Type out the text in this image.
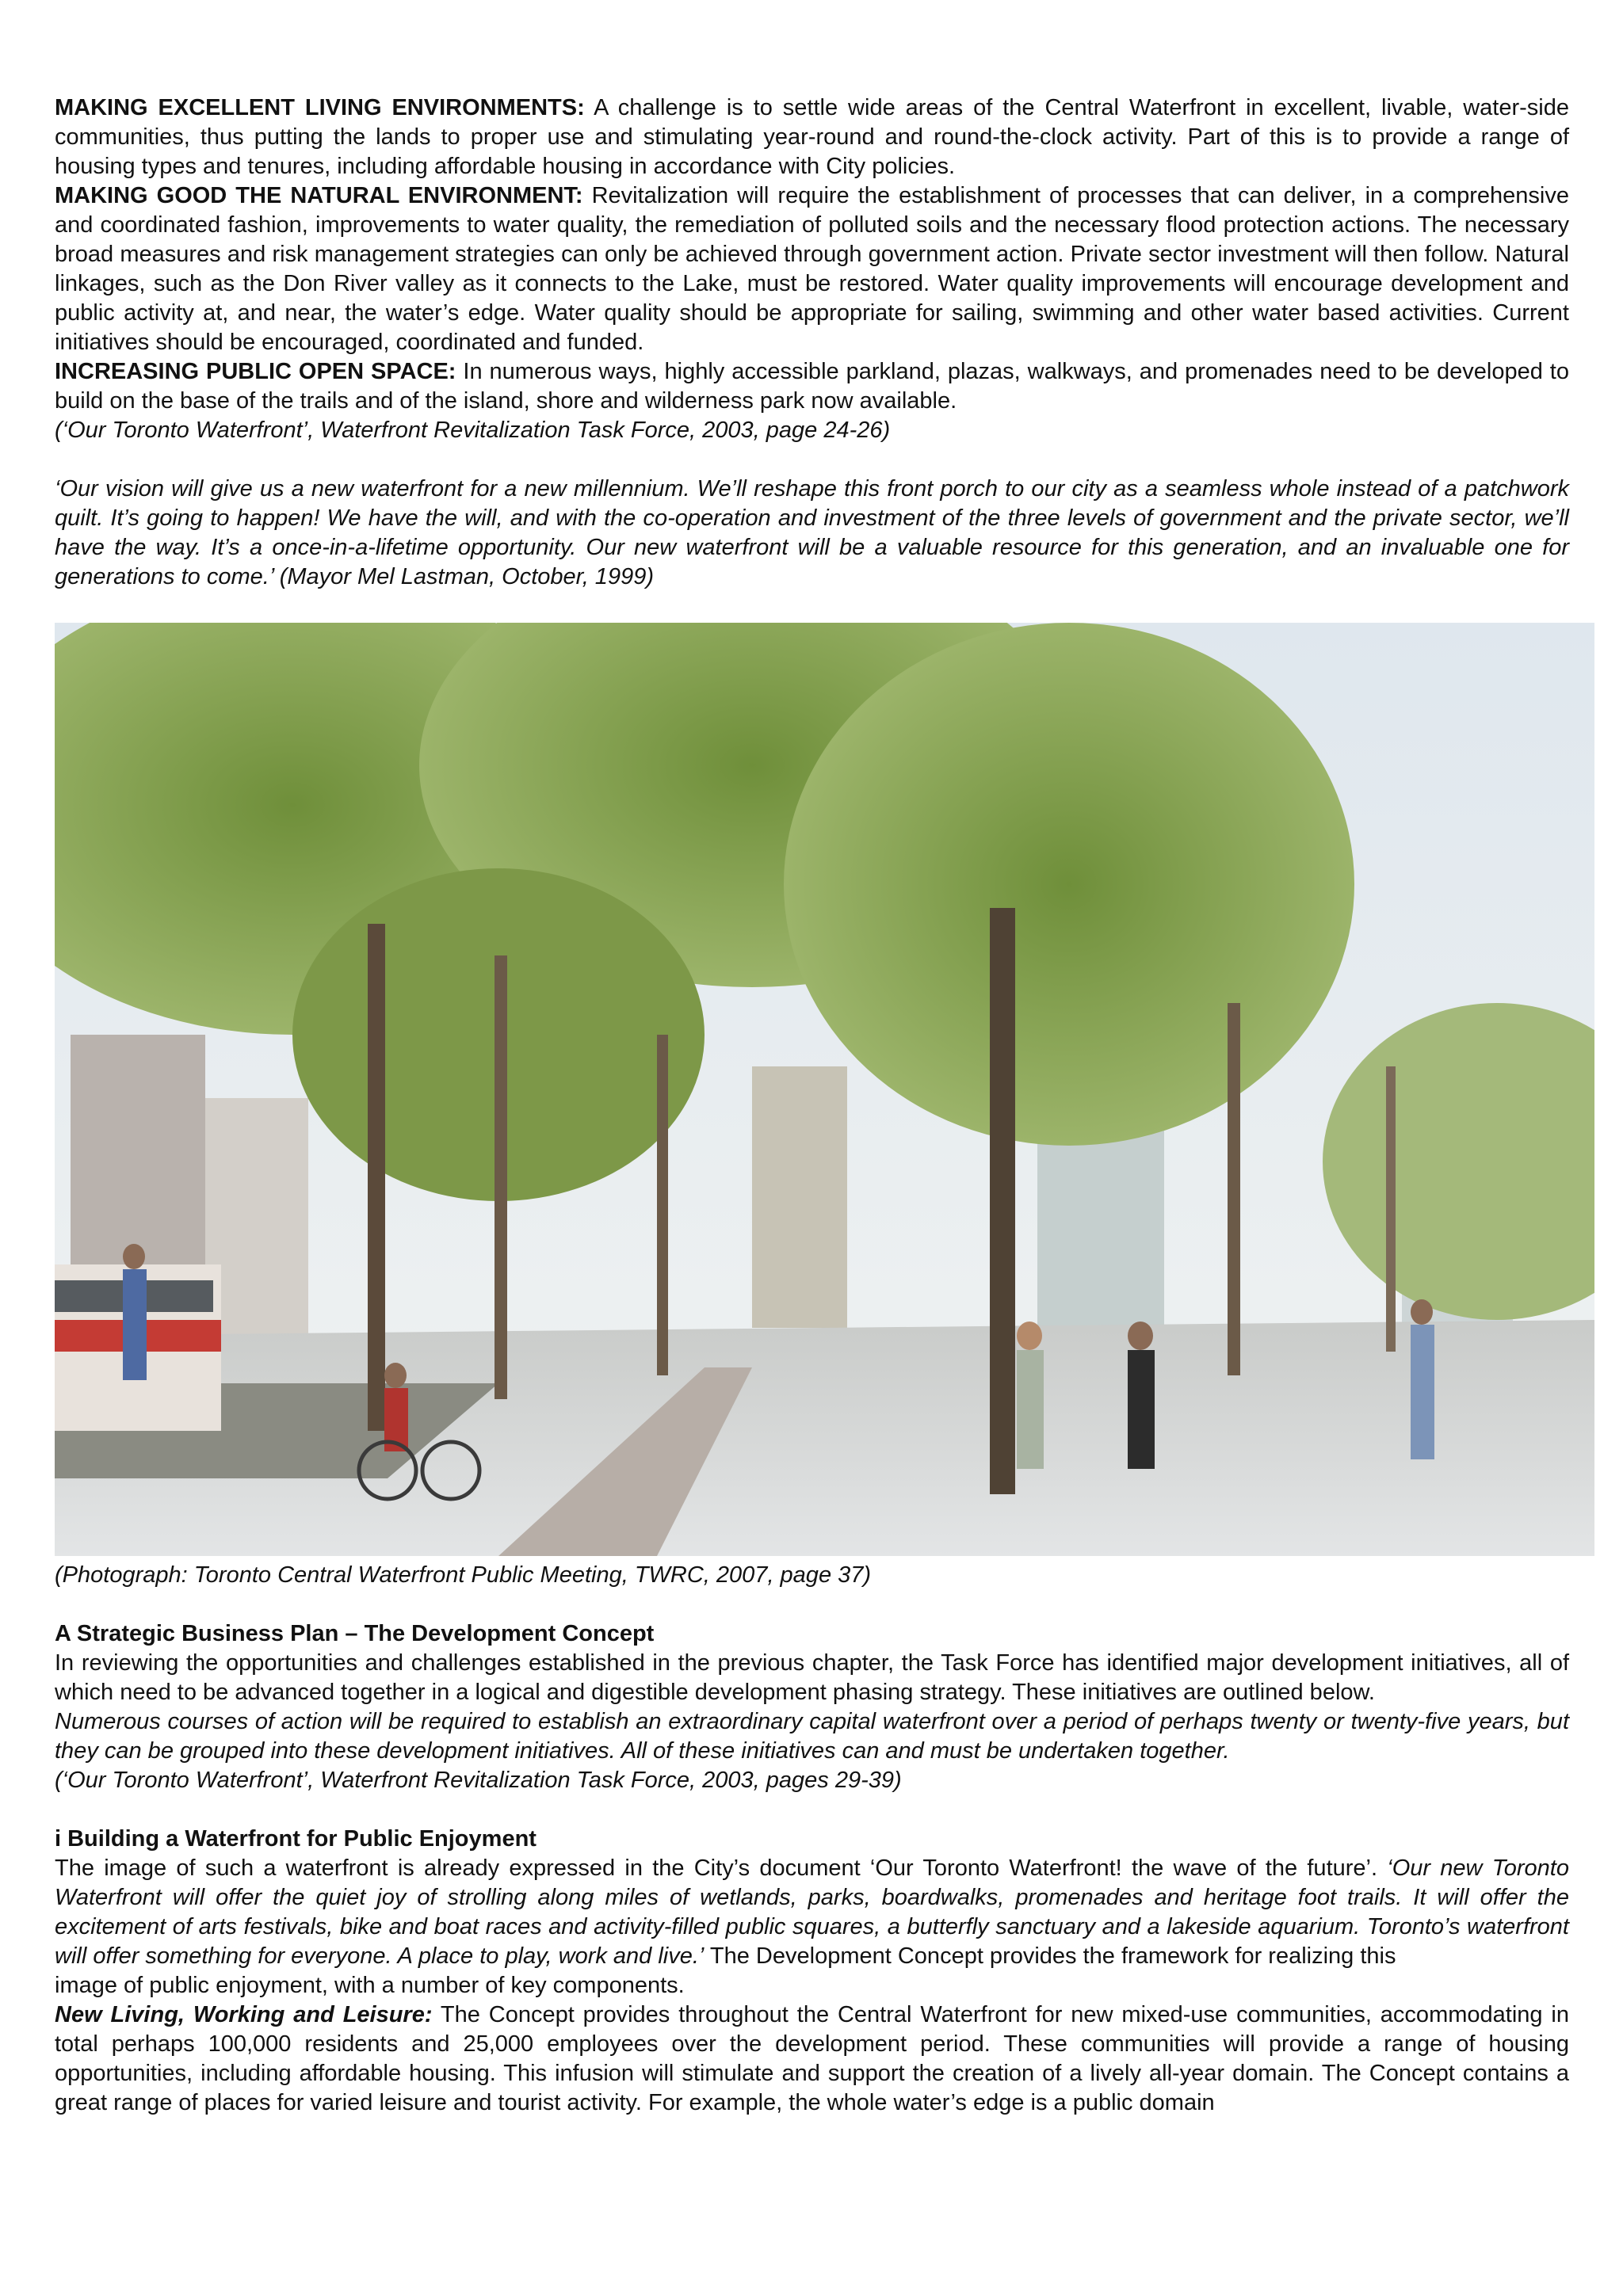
MAKING EXCELLENT LIVING ENVIRONMENTS: A challenge is to settle wide areas of the Central Waterfront in excellent, livable, water-side communities, thus putting the lands to proper use and stimulating year-round and round-the-clock activity. Part of this is to provide a range of housing types and tenures, including affordable housing in accordance with City policies.

MAKING GOOD THE NATURAL ENVIRONMENT: Revitalization will require the establishment of processes that can deliver, in a comprehensive and coordinated fashion, improvements to water quality, the remediation of polluted soils and the necessary flood protection actions. The necessary broad measures and risk management strategies can only be achieved through government action. Private sector investment will then follow. Natural linkages, such as the Don River valley as it connects to the Lake, must be restored. Water quality improvements will encourage development and public activity at, and near, the water’s edge. Water quality should be appropriate for sailing, swimming and other water based activities. Current initiatives should be encouraged, coordinated and funded.

INCREASING PUBLIC OPEN SPACE: In numerous ways, highly accessible parkland, plazas, walkways, and promenades need to be developed to build on the base of the trails and of the island, shore and wilderness park now available.

(‘Our Toronto Waterfront’, Waterfront Revitalization Task Force, 2003, page 24-26)

‘Our vision will give us a new waterfront for a new millennium. We’ll reshape this front porch to our city as a seamless whole instead of a patchwork quilt. It’s going to happen! We have the will, and with the co-operation and investment of the three levels of government and the private sector, we’ll have the way. It’s a once-in-a-lifetime opportunity. Our new waterfront will be a valuable resource for this generation, and an invaluable one for generations to come.’ (Mayor Mel Lastman, October, 1999)

(Photograph: Toronto Central Waterfront Public Meeting, TWRC, 2007, page 37)

A Strategic Business Plan – The Development Concept

In reviewing the opportunities and challenges established in the previous chapter, the Task Force has identified major development initiatives, all of which need to be advanced together in a logical and digestible development phasing strategy. These initiatives are outlined below.

Numerous courses of action will be required to establish an extraordinary capital waterfront over a period of perhaps twenty or twenty-five years, but they can be grouped into these development initiatives. All of these initiatives can and must be undertaken together.

(‘Our Toronto Waterfront’, Waterfront Revitalization Task Force, 2003, pages 29-39)

i Building a Waterfront for Public Enjoyment

The image of such a waterfront is already expressed in the City’s document ‘Our Toronto Waterfront! the wave of the future’. ‘Our new Toronto Waterfront will offer the quiet joy of strolling along miles of wetlands, parks, boardwalks, promenades and heritage foot trails. It will offer the excitement of arts festivals, bike and boat races and activity-filled public squares, a butterfly sanctuary and a lakeside aquarium. Toronto’s waterfront will offer something for everyone. A place to play, work and live.’ The Development Concept provides the framework for realizing this

image of public enjoyment, with a number of key components.

New Living, Working and Leisure: The Concept provides throughout the Central Waterfront for new mixed-use communities, accommodating in total perhaps 100,000 residents and 25,000 employees over the development period. These communities will provide a range of housing opportunities, including affordable housing. This infusion will stimulate and support the creation of a lively all-year domain. The Concept contains a great range of places for varied leisure and tourist activity. For example, the whole water’s edge is a public domain
